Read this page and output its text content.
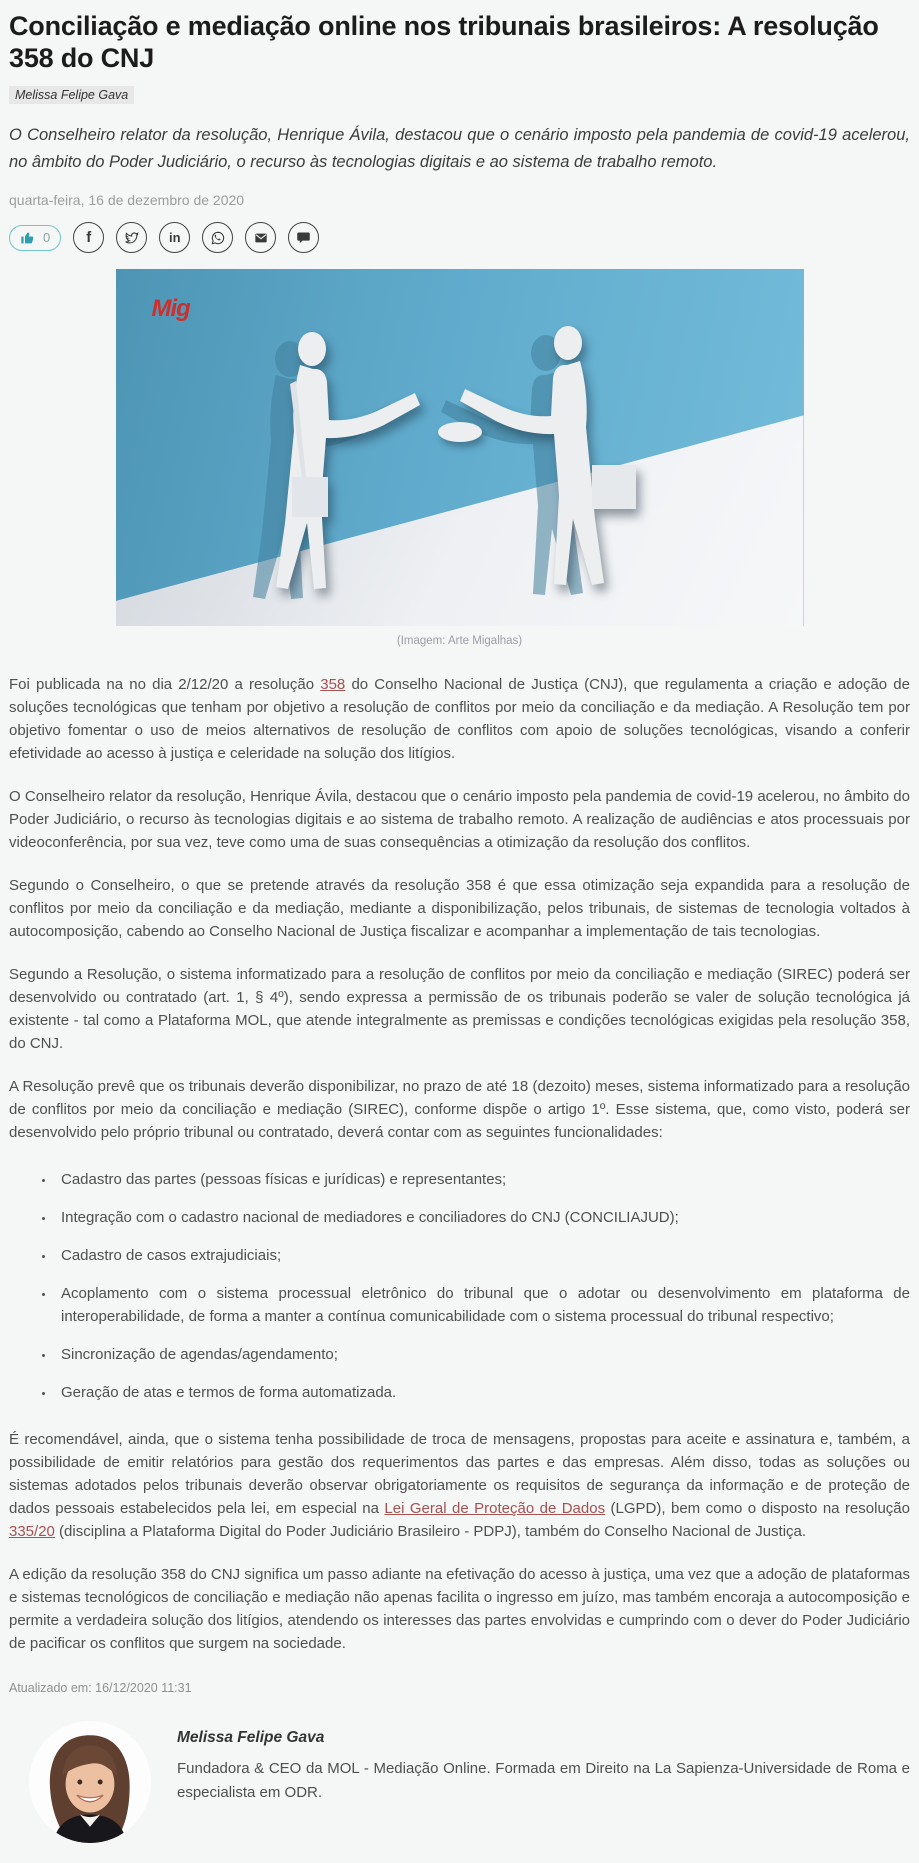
Conciliação e mediação online nos tribunais brasileiros: A resolução 358 do CNJ
Melissa Felipe Gava

O Conselheiro relator da resolução, Henrique Ávila, destacou que o cenário imposto pela pandemia de covid-19 acelerou, no âmbito do Poder Judiciário, o recurso às tecnologias digitais e ao sistema de trabalho remoto.

quarta-feira, 16 de dezembro de 2020
0 f	in
Mig
(Imagem: Arte Migalhas)

Foi publicada na no dia 2/12/20 a resolução 358 do Conselho Nacional de Justiça (CNJ), que regulamenta a criação e adoção de soluções tecnológicas que tenham por objetivo a resolução de conflitos por meio da conciliação e da mediação. A Resolução tem por objetivo fomentar o uso de meios alternativos de resolução de conflitos com apoio de soluções tecnológicas, visando a conferir efetividade ao acesso à justiça e celeridade na solução dos litígios.

O Conselheiro relator da resolução, Henrique Ávila, destacou que o cenário imposto pela pandemia de covid-19 acelerou, no âmbito do Poder Judiciário, o recurso às tecnologias digitais e ao sistema de trabalho remoto. A realização de audiências e atos processuais por videoconferência, por sua vez, teve como uma de suas consequências a otimização da resolução dos conflitos.

Segundo o Conselheiro, o que se pretende através da resolução 358 é que essa otimização seja expandida para a resolução de conflitos por meio da conciliação e da mediação, mediante a disponibilização, pelos tribunais, de sistemas de tecnologia voltados à autocomposição, cabendo ao Conselho Nacional de Justiça fiscalizar e acompanhar a implementação de tais tecnologias.

Segundo a Resolução, o sistema informatizado para a resolução de conflitos por meio da conciliação e mediação (SIREC) poderá ser desenvolvido ou contratado (art. 1, § 4º), sendo expressa a permissão de os tribunais poderão se valer de solução tecnológica já existente - tal como a Plataforma MOL, que atende integralmente as premissas e condições tecnológicas exigidas pela resolução 358, do CNJ.

A Resolução prevê que os tribunais deverão disponibilizar, no prazo de até 18 (dezoito) meses, sistema informatizado para a resolução de conflitos por meio da conciliação e mediação (SIREC), conforme dispõe o artigo 1º. Esse sistema, que, como visto, poderá ser desenvolvido pelo próprio tribunal ou contratado, deverá contar com as seguintes funcionalidades:

• Cadastro das partes (pessoas físicas e jurídicas) e representantes;
• Integração com o cadastro nacional de mediadores e conciliadores do CNJ (CONCILIAJUD);
• Cadastro de casos extrajudiciais;
• Acoplamento com o sistema processual eletrônico do tribunal que o adotar ou desenvolvimento em plataforma de interoperabilidade, de forma a manter a contínua comunicabilidade com o sistema processual do tribunal respectivo;
• Sincronização de agendas/agendamento;
• Geração de atas e termos de forma automatizada.

É recomendável, ainda, que o sistema tenha possibilidade de troca de mensagens, propostas para aceite e assinatura e, também, a possibilidade de emitir relatórios para gestão dos requerimentos das partes e das empresas. Além disso, todas as soluções ou sistemas adotados pelos tribunais deverão observar obrigatoriamente os requisitos de segurança da informação e de proteção de dados pessoais estabelecidos pela lei, em especial na Lei Geral de Proteção de Dados (LGPD), bem como o disposto na resolução 335/20 (disciplina a Plataforma Digital do Poder Judiciário Brasileiro - PDPJ), também do Conselho Nacional de Justiça.

A edição da resolução 358 do CNJ significa um passo adiante na efetivação do acesso à justiça, uma vez que a adoção de plataformas e sistemas tecnológicos de conciliação e mediação não apenas facilita o ingresso em juízo, mas também encoraja a autocomposição e permite a verdadeira solução dos litígios, atendendo os interesses das partes envolvidas e cumprindo com o dever do Poder Judiciário de pacificar os conflitos que surgem na sociedade.

Atualizado em: 16/12/2020 11:31
Melissa Felipe Gava

Fundadora & CEO da MOL - Mediação Online. Formada em Direito na La Sapienza-Universidade de Roma e especialista em ODR.
